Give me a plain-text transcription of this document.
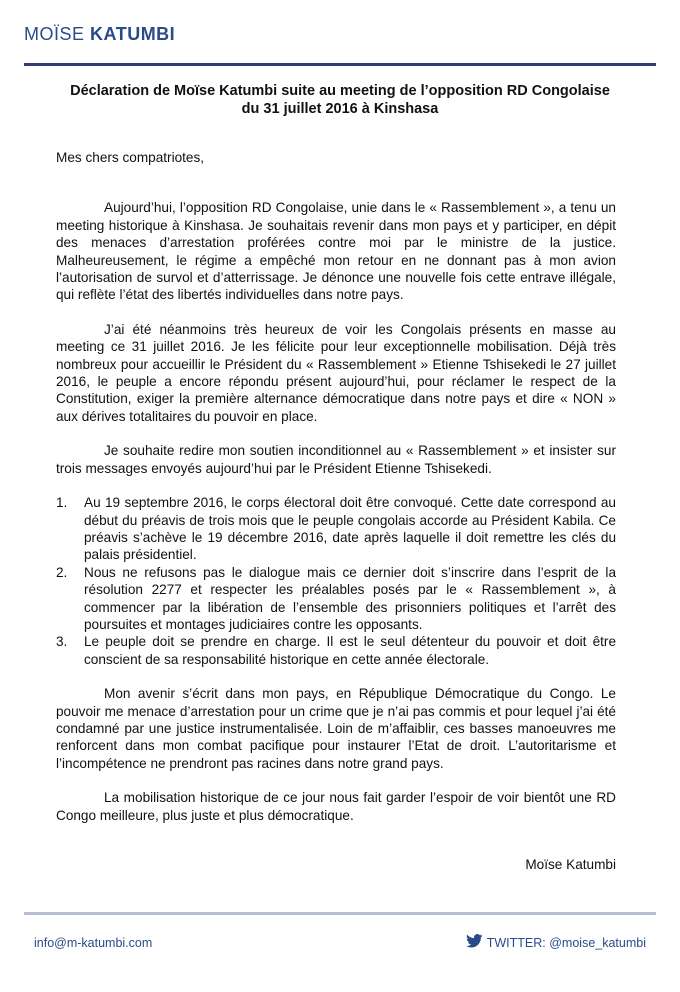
MOÏSE KATUMBI
Déclaration de Moïse Katumbi suite au meeting de l’opposition RD Congolaise
du 31 juillet 2016 à Kinshasa

Mes chers compatriotes,

Aujourd’hui, l’opposition RD Congolaise, unie dans le « Rassemblement », a tenu un meeting historique à Kinshasa. Je souhaitais revenir dans mon pays et y participer, en dépit des menaces d’arrestation proférées contre moi par le ministre de la justice. Malheureusement, le régime a empêché mon retour en ne donnant pas à mon avion l’autorisation de survol et d’atterrissage. Je dénonce une nouvelle fois cette entrave illégale, qui reflète l’état des libertés individuelles dans notre pays.

J’ai été néanmoins très heureux de voir les Congolais présents en masse au meeting ce 31 juillet 2016. Je les félicite pour leur exceptionnelle mobilisation. Déjà très nombreux pour accueillir le Président du « Rassemblement » Etienne Tshisekedi le 27 juillet 2016, le peuple a encore répondu présent aujourd’hui, pour réclamer le respect de la Constitution, exiger la première alternance démocratique dans notre pays et dire « NON » aux dérives totalitaires du pouvoir en place.

Je souhaite redire mon soutien inconditionnel au « Rassemblement » et insister sur trois messages envoyés aujourd’hui par le Président Etienne Tshisekedi.

1. Au 19 septembre 2016, le corps électoral doit être convoqué. Cette date correspond au début du préavis de trois mois que le peuple congolais accorde au Président Kabila. Ce préavis s’achève le 19 décembre 2016, date après laquelle il doit remettre les clés du palais présidentiel.
2. Nous ne refusons pas le dialogue mais ce dernier doit s’inscrire dans l’esprit de la résolution 2277 et respecter les préalables posés par le « Rassemblement », à commencer par la libération de l’ensemble des prisonniers politiques et l’arrêt des poursuites et montages judiciaires contre les opposants.
3. Le peuple doit se prendre en charge. Il est le seul détenteur du pouvoir et doit être conscient de sa responsabilité historique en cette année électorale.

Mon avenir s’écrit dans mon pays, en République Démocratique du Congo. Le pouvoir me menace d’arrestation pour un crime que je n’ai pas commis et pour lequel j’ai été condamné par une justice instrumentalisée. Loin de m’affaiblir, ces basses manoeuvres me renforcent dans mon combat pacifique pour instaurer l’Etat de droit. L’autoritarisme et l’incompétence ne prendront pas racines dans notre grand pays.

La mobilisation historique de ce jour nous fait garder l’espoir de voir bientôt une RD Congo meilleure, plus juste et plus démocratique.

Moïse Katumbi

info@m-katumbi.com	TWITTER: @moise_katumbi
